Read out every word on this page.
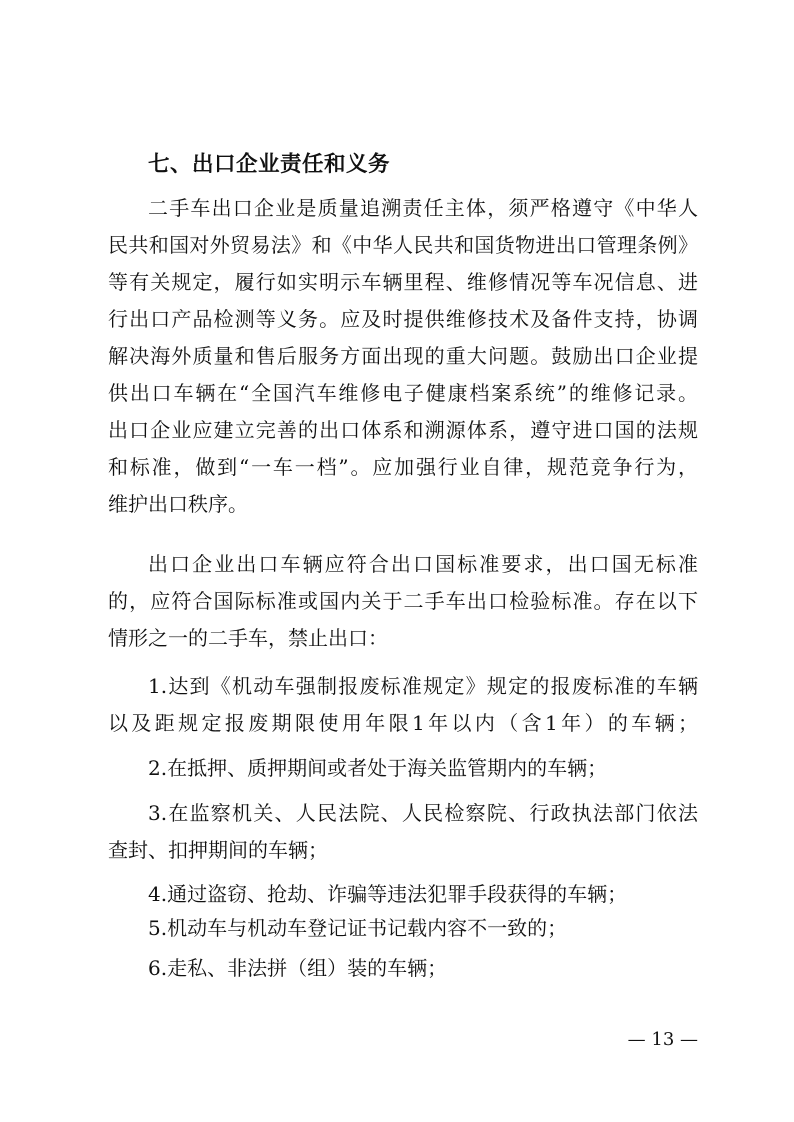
七、出口企业责任和义务
二手车出口企业是质量追溯责任主体，须严格遵守《中华人
民共和国对外贸易法》和《中华人民共和国货物进出口管理条例》
等有关规定，履行如实明示车辆里程、维修情况等车况信息、进
行出口产品检测等义务。应及时提供维修技术及备件支持，协调
解决海外质量和售后服务方面出现的重大问题。鼓励出口企业提
供出口车辆在“全国汽车维修电子健康档案系统”的维修记录。
出口企业应建立完善的出口体系和溯源体系，遵守进口国的法规
和标准，做到“一车一档”。应加强行业自律，规范竞争行为，
维护出口秩序。
出口企业出口车辆应符合出口国标准要求，出口国无标准
的，应符合国际标准或国内关于二手车出口检验标准。存在以下
情形之一的二手车，禁止出口：
1.达到《机动车强制报废标准规定》规定的报废标准的车辆
以及距规定报废期限使用年限1年以内（含1年）的车辆；
2.在抵押、质押期间或者处于海关监管期内的车辆；
3.在监察机关、人民法院、人民检察院、行政执法部门依法
查封、扣押期间的车辆；
4.通过盗窃、抢劫、诈骗等违法犯罪手段获得的车辆；
5.机动车与机动车登记证书记载内容不一致的；
6.走私、非法拼（组）装的车辆；
— 13 —
